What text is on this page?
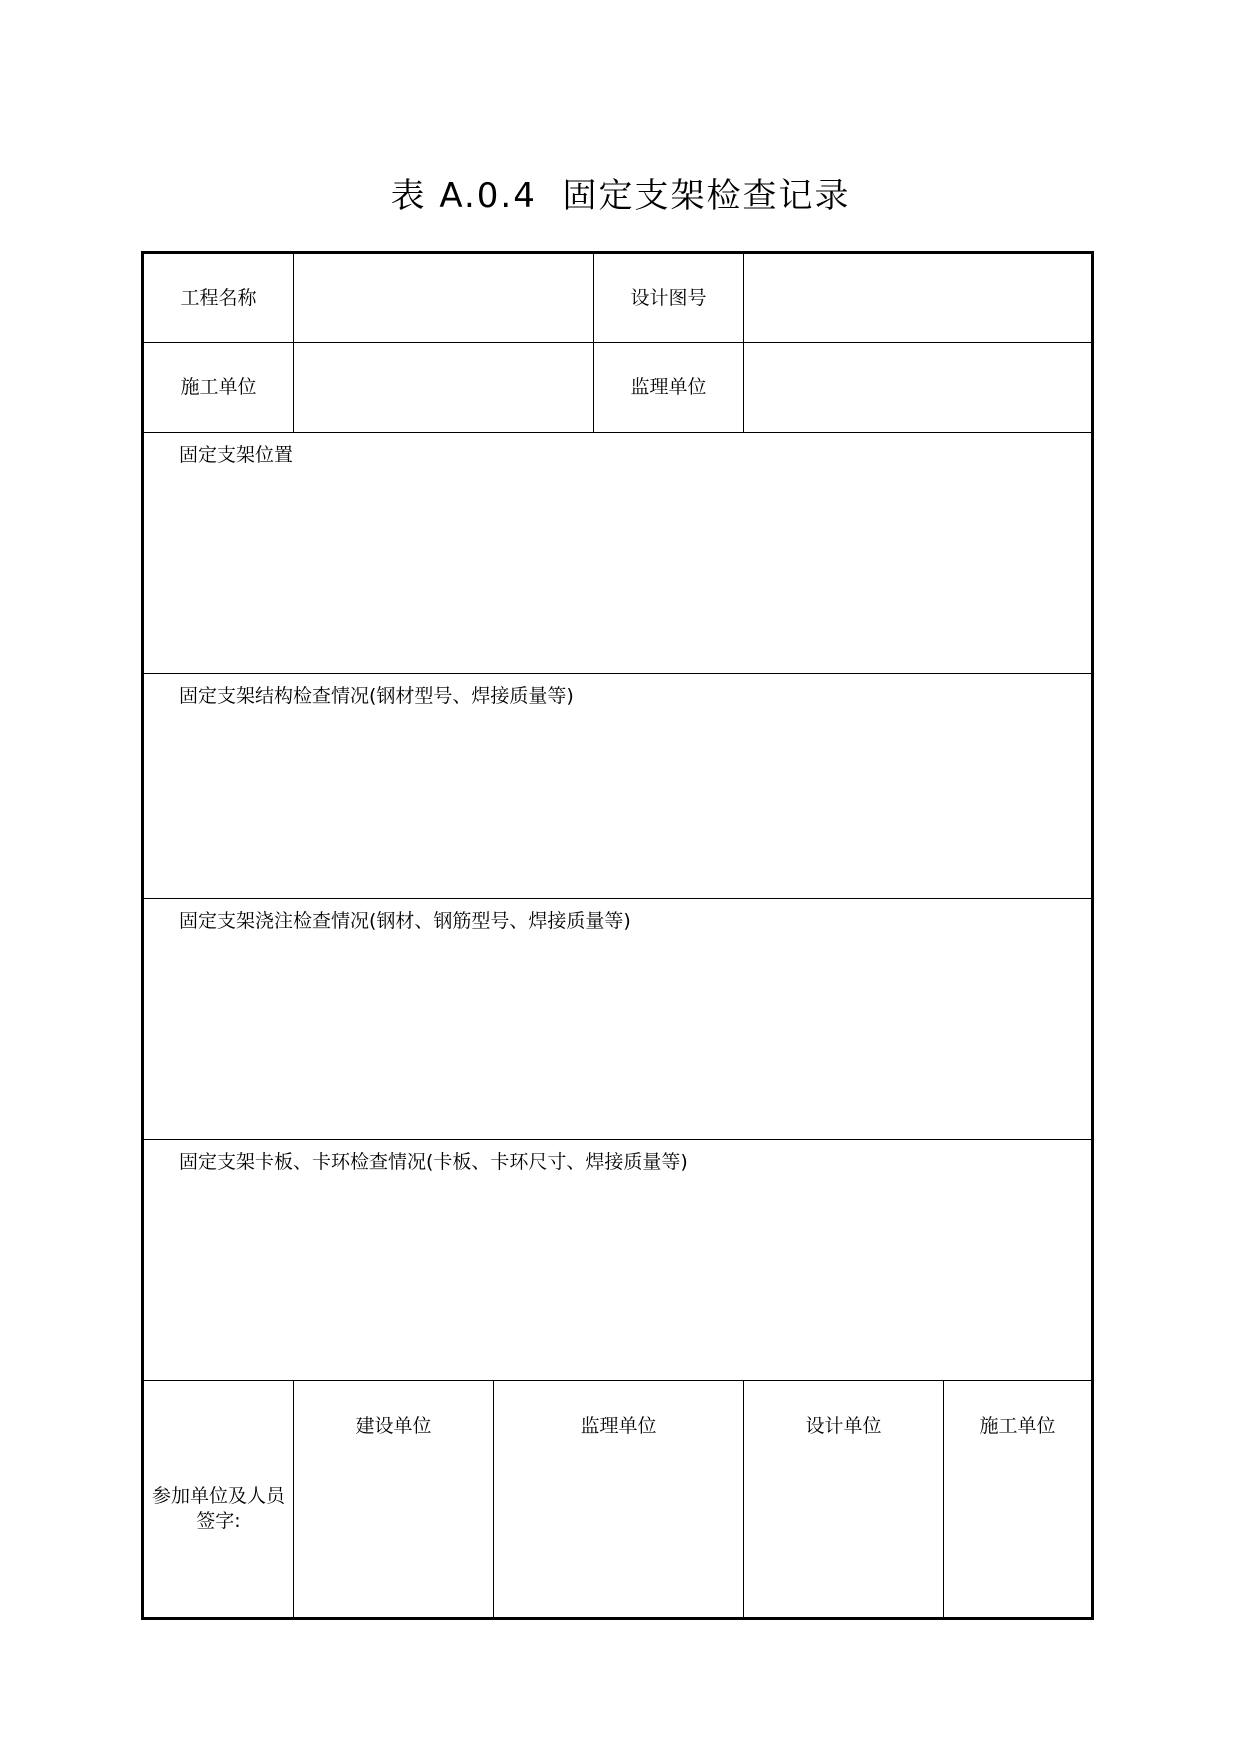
表 A.0.4  固定支架检查记录
工程名称			设计图号		
施工单位			监理单位		
固定支架位置					
固定支架结构检查情况(钢材型号、焊接质量等)					
固定支架浇注检查情况(钢材、钢筋型号、焊接质量等)					
固定支架卡板、卡环检查情况(卡板、卡环尺寸、焊接质量等)					

参加单位及人员
签字:	建设单位	监理单位		设计单位	施工单位
